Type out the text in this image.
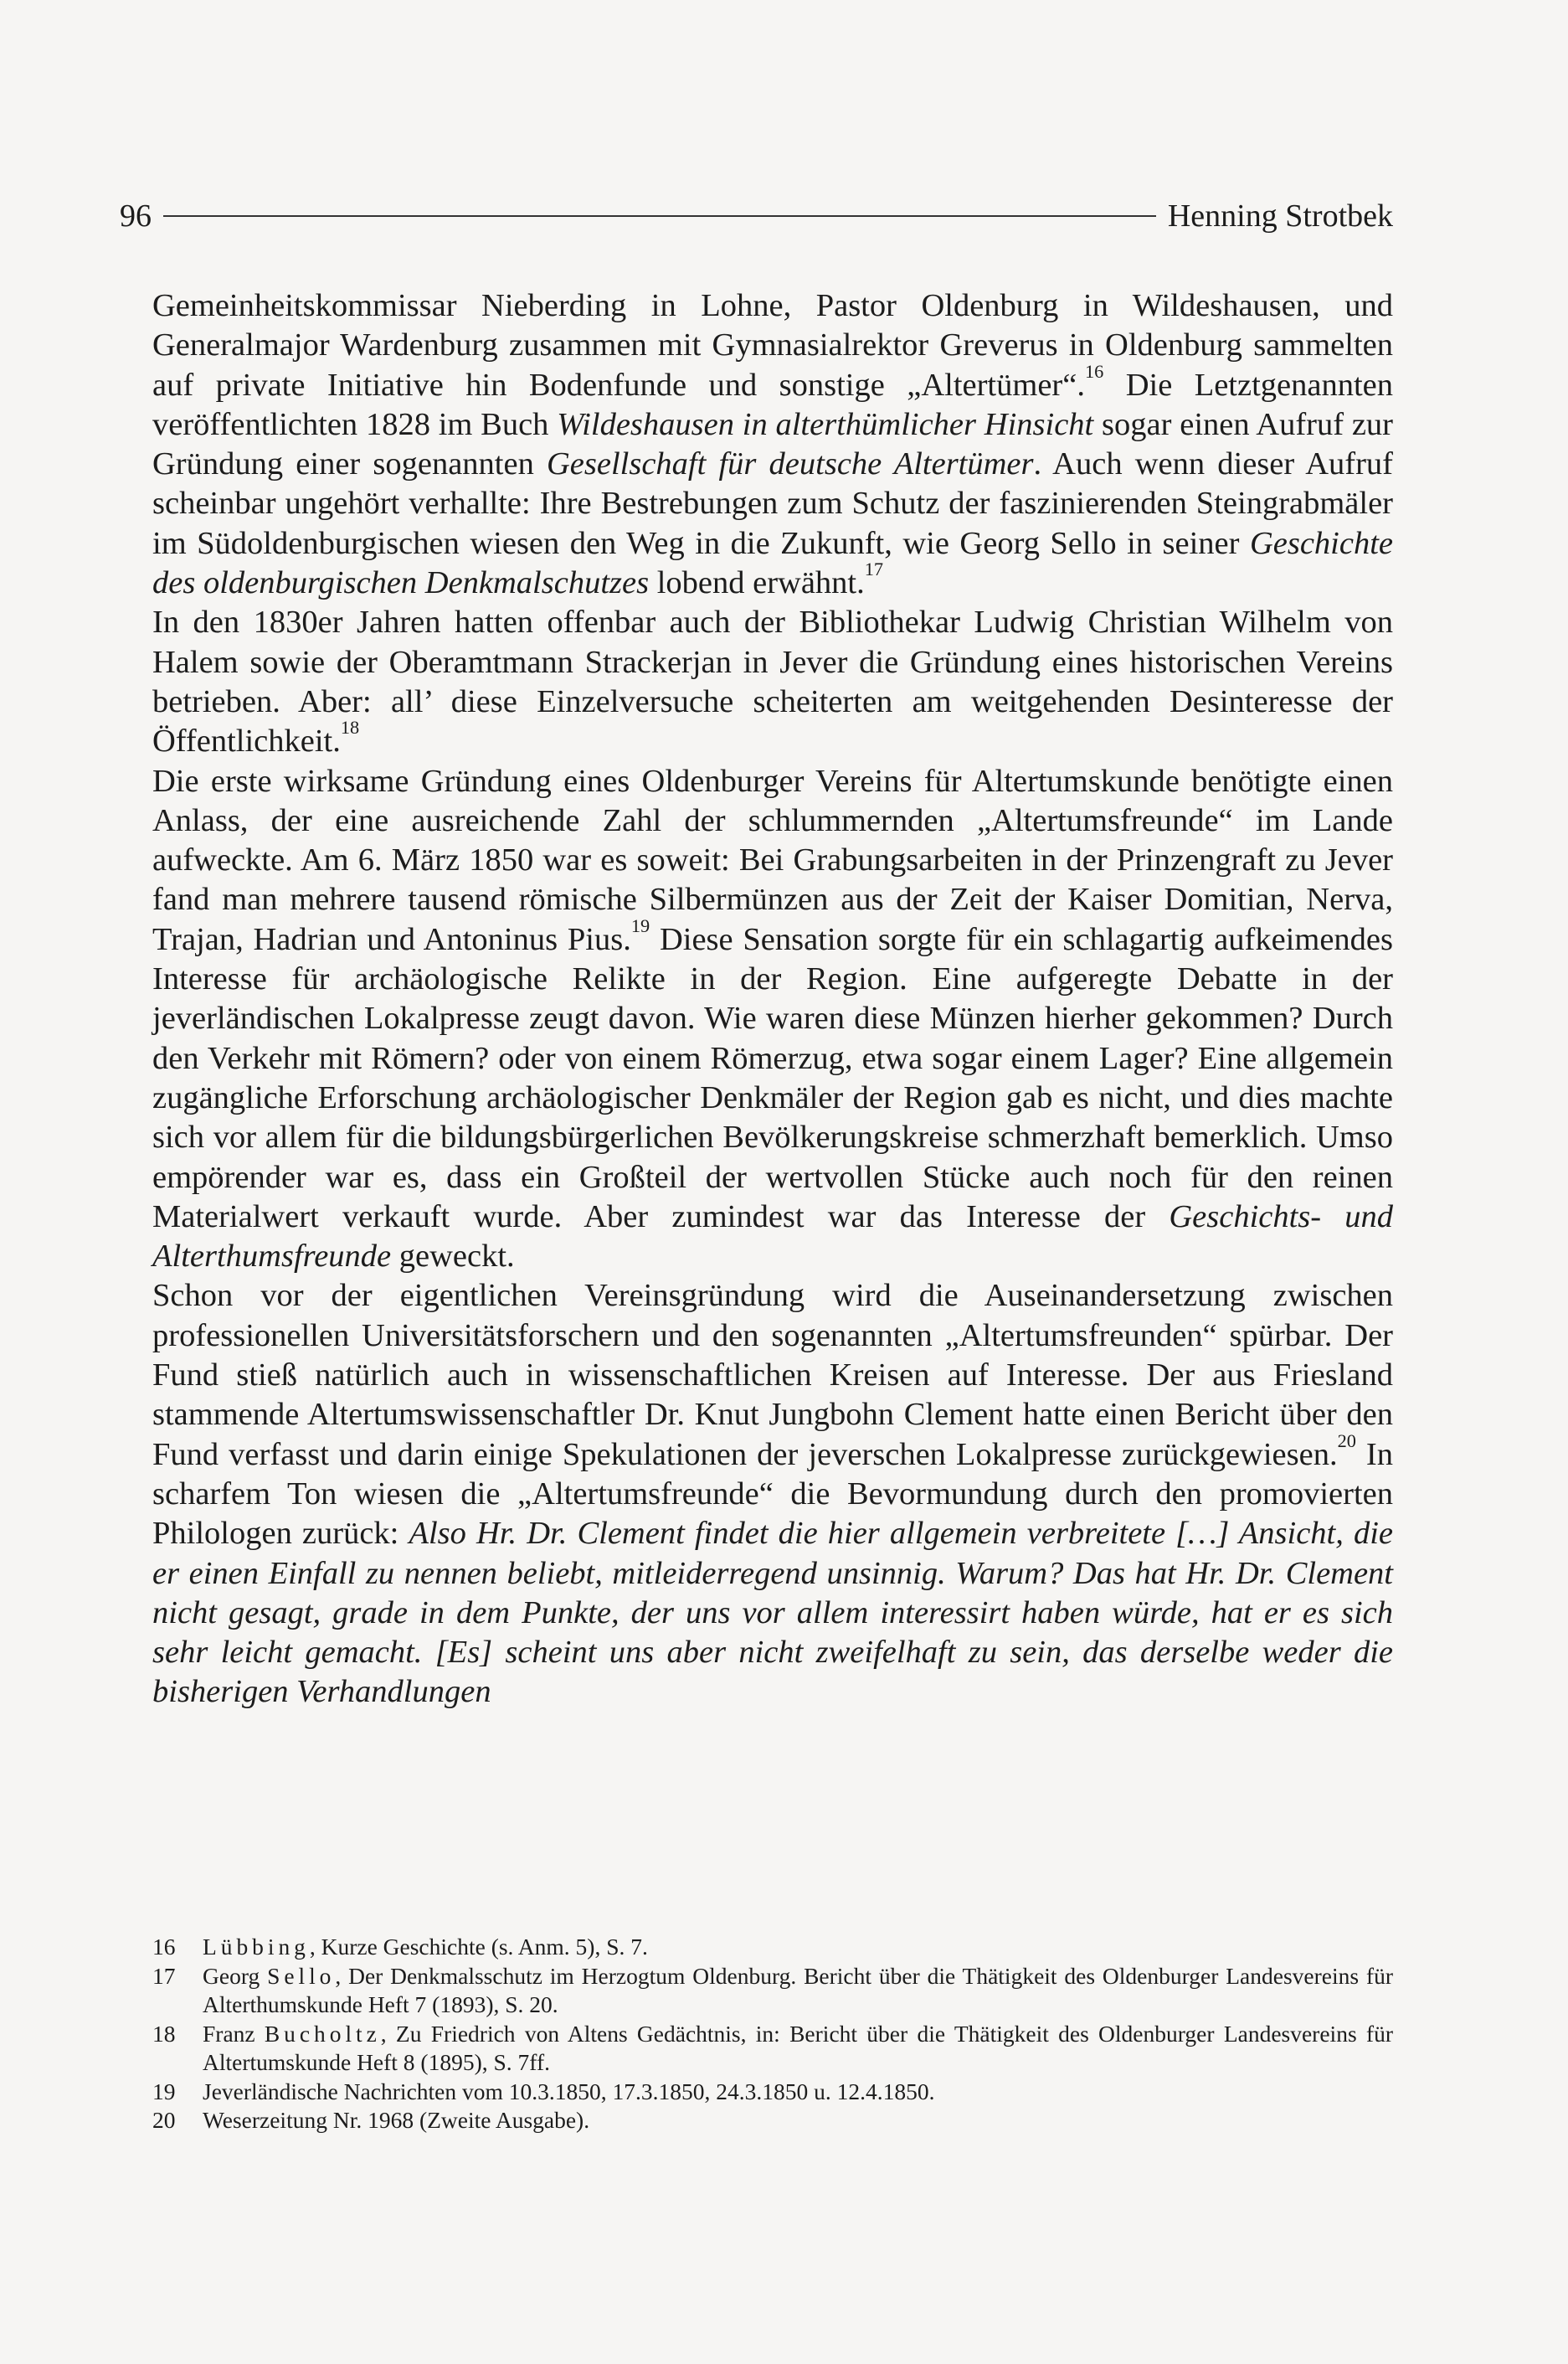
96	Henning Strotbek

Gemeinheitskommissar Nieberding in Lohne, Pastor Oldenburg in Wildeshausen, und Generalmajor Wardenburg zusammen mit Gymnasialrektor Greverus in Oldenburg sammelten auf private Initiative hin Bodenfunde und sonstige „Altertümer“.$^{16}$ Die Letztgenannten veröffentlichten 1828 im Buch Wildeshausen in alterthümlicher Hinsicht sogar einen Aufruf zur Gründung einer sogenannten Gesellschaft für deutsche Altertümer. Auch wenn dieser Aufruf scheinbar ungehört verhallte: Ihre Bestrebungen zum Schutz der faszinierenden Steingrabmäler im Südoldenburgischen wiesen den Weg in die Zukunft, wie Georg Sello in seiner Geschichte des oldenburgischen Denkmalschutzes lobend erwähnt.$^{17}$

In den 1830er Jahren hatten offenbar auch der Bibliothekar Ludwig Christian Wilhelm von Halem sowie der Oberamtmann Strackerjan in Jever die Gründung eines historischen Vereins betrieben. Aber: all’ diese Einzelversuche scheiterten am weitgehenden Desinteresse der Öffentlichkeit.$^{18}$

Die erste wirksame Gründung eines Oldenburger Vereins für Altertumskunde benötigte einen Anlass, der eine ausreichende Zahl der schlummernden „Altertumsfreunde“ im Lande aufweckte. Am 6. März 1850 war es soweit: Bei Grabungsarbeiten in der Prinzengraft zu Jever fand man mehrere tausend römische Silbermünzen aus der Zeit der Kaiser Domitian, Nerva, Trajan, Hadrian und Antoninus Pius.$^{19}$ Diese Sensation sorgte für ein schlagartig aufkeimendes Interesse für archäologische Relikte in der Region. Eine aufgeregte Debatte in der jeverländischen Lokalpresse zeugt davon. Wie waren diese Münzen hierher gekommen? Durch den Verkehr mit Römern? oder von einem Römerzug, etwa sogar einem Lager? Eine allgemein zugängliche Erforschung archäologischer Denkmäler der Region gab es nicht, und dies machte sich vor allem für die bildungsbürgerlichen Bevölkerungskreise schmerzhaft bemerklich. Umso empörender war es, dass ein Großteil der wertvollen Stücke auch noch für den reinen Materialwert verkauft wurde. Aber zumindest war das Interesse der Geschichts- und Alterthumsfreunde geweckt.

Schon vor der eigentlichen Vereinsgründung wird die Auseinandersetzung zwischen professionellen Universitätsforschern und den sogenannten „Altertumsfreunden“ spürbar. Der Fund stieß natürlich auch in wissenschaftlichen Kreisen auf Interesse. Der aus Friesland stammende Altertumswissenschaftler Dr. Knut Jungbohn Clement hatte einen Bericht über den Fund verfasst und darin einige Spekulationen der jeverschen Lokalpresse zurückgewiesen.$^{20}$ In scharfem Ton wiesen die „Altertumsfreunde“ die Bevormundung durch den promovierten Philologen zurück: Also Hr. Dr. Clement findet die hier allgemein verbreitete […] Ansicht, die er einen Einfall zu nennen beliebt, mitleiderregend unsinnig. Warum? Das hat Hr. Dr. Clement nicht gesagt, grade in dem Punkte, der uns vor allem interessirt haben würde, hat er es sich sehr leicht gemacht. [Es] scheint uns aber nicht zweifelhaft zu sein, das derselbe weder die bisherigen Verhandlungen

16	Lübbing, Kurze Geschichte (s. Anm. 5), S. 7.
17	Georg Sello, Der Denkmalsschutz im Herzogtum Oldenburg. Bericht über die Thätigkeit des Oldenburger Landesvereins für Alterthumskunde Heft 7 (1893), S. 20.
18	Franz Bucholtz, Zu Friedrich von Altens Gedächtnis, in: Bericht über die Thätigkeit des Oldenburger Landesvereins für Altertumskunde Heft 8 (1895), S. 7ff.
19	Jeverländische Nachrichten vom 10.3.1850, 17.3.1850, 24.3.1850 u. 12.4.1850.
20	Weserzeitung Nr. 1968 (Zweite Ausgabe).
